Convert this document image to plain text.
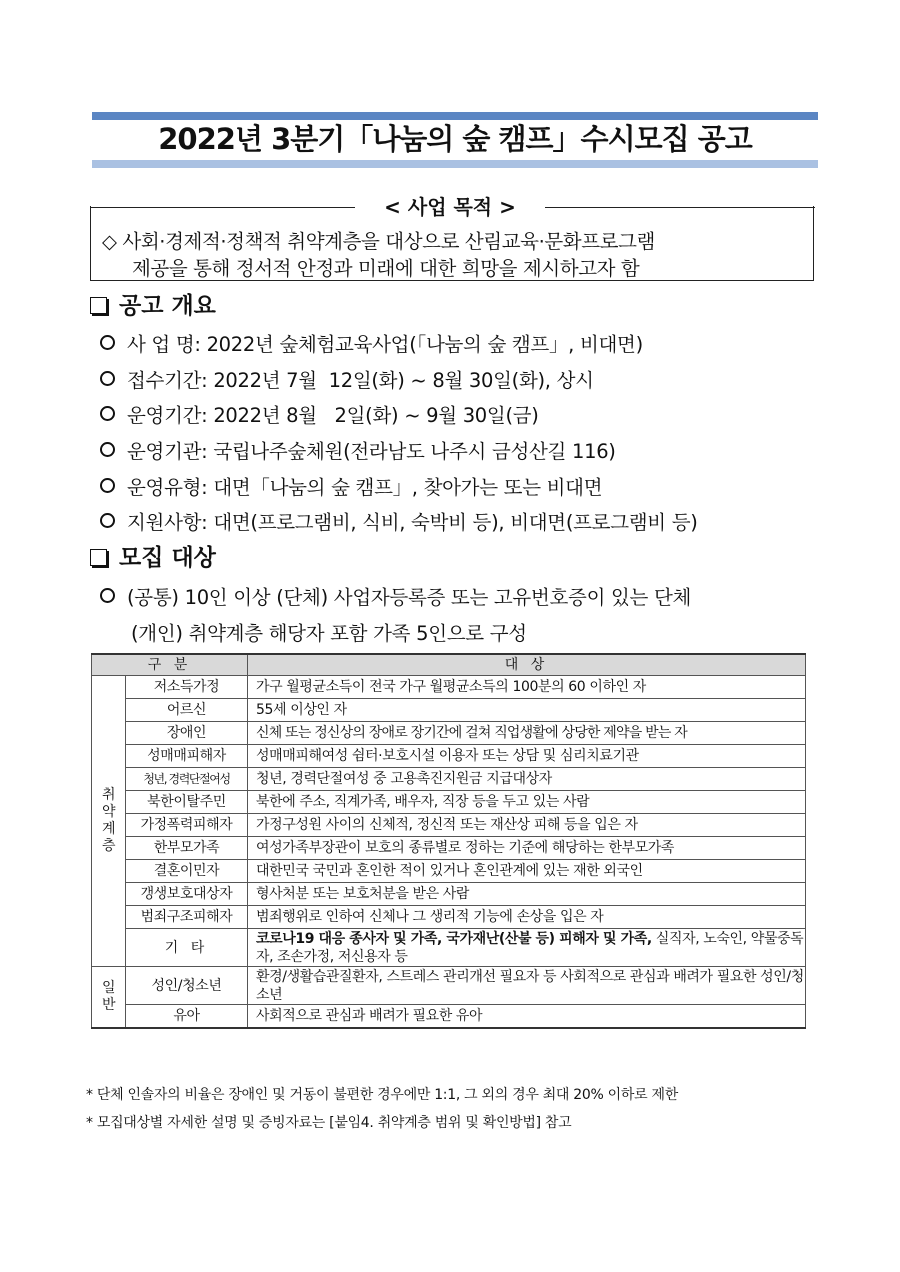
2022년 3분기「나눔의 숲 캠프」수시모집 공고
< 사업 목적 >
◇ 사회·경제적·정책적 취약계층을 대상으로 산림교육·문화프로그램
제공을 통해 정서적 안정과 미래에 대한 희망을 제시하고자 함
공고 개요
사 업 명: 2022년 숲체험교육사업(「나눔의 숲 캠프」, 비대면)
접수기간: 2022년 7월  12일(화) ~ 8월 30일(화), 상시
운영기간: 2022년 8월   2일(화) ~ 9월 30일(금)
운영기관: 국립나주숲체원(전라남도 나주시 금성산길 116)
운영유형: 대면「나눔의 숲 캠프」, 찾아가는 또는 비대면
지원사항: 대면(프로그램비, 식비, 숙박비 등), 비대면(프로그램비 등)
모집 대상
(공통) 10인 이상 (단체) 사업자등록증 또는 고유번호증이 있는 단체
(개인) 취약계층 해당자 포함 가족 5인으로 구성
구 분		대 상
취
약
계
층	저소득가정	가구 월평균소득이 전국 가구 월평균소득의 100분의 60 이하인 자
	어르신	55세 이상인 자
	장애인	신체 또는 정신상의 장애로 장기간에 걸쳐 직업생활에 상당한 제약을 받는 자
	성매매피해자	성매매피해여성 쉼터·보호시설 이용자 또는 상담 및 심리치료기관
	청년, 경력단절여성	청년, 경력단절여성 중 고용촉진지원금 지급대상자
	북한이탈주민	북한에 주소, 직계가족, 배우자, 직장 등을 두고 있는 사람
	가정폭력피해자	가정구성원 사이의 신체적, 정신적 또는 재산상 피해 등을 입은 자
	한부모가족	여성가족부장관이 보호의 종류별로 정하는 기준에 해당하는 한부모가족
	결혼이민자	대한민국 국민과 혼인한 적이 있거나 혼인관계에 있는 재한 외국인
	갱생보호대상자	형사처분 또는 보호처분을 받은 사람
	범죄구조피해자	범죄행위로 인하여 신체나 그 생리적 기능에 손상을 입은 자
	기 타	코로나19 대응 종사자 및 가족, 국가재난(산불 등) 피해자 및 가족, 실직자, 노숙인, 약물중독자, 조손가정, 저신용자 등
일
반	성인/청소년	환경/생활습관질환자, 스트레스 관리개선 필요자 등 사회적으로 관심과 배려가 필요한 성인/청소년
	유아	사회적으로 관심과 배려가 필요한 유아
* 단체 인솔자의 비율은 장애인 및 거동이 불편한 경우에만 1:1, 그 외의 경우 최대 20% 이하로 제한
* 모집대상별 자세한 설명 및 증빙자료는 [붙임4. 취약계층 범위 및 확인방법] 참고
